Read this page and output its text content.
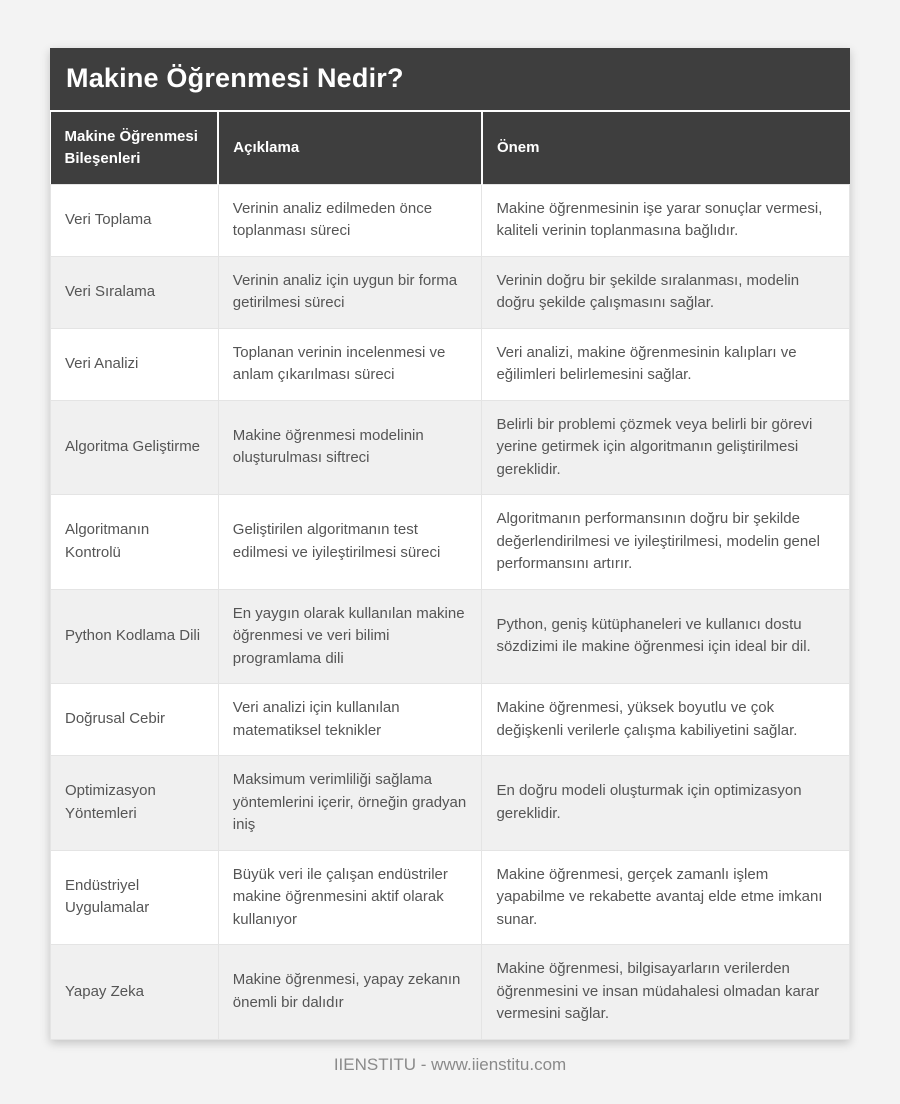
Makine Öğrenmesi Nedir?
Makine Öğrenmesi Bileşenleri	Açıklama	Önem
Veri Toplama	Verinin analiz edilmeden önce toplanması süreci	Makine öğrenmesinin işe yarar sonuçlar vermesi, kaliteli verinin toplanmasına bağlıdır.
Veri Sıralama	Verinin analiz için uygun bir forma getirilmesi süreci	Verinin doğru bir şekilde sıralanması, modelin doğru şekilde çalışmasını sağlar.
Veri Analizi	Toplanan verinin incelenmesi ve anlam çıkarılması süreci	Veri analizi, makine öğrenmesinin kalıpları ve eğilimleri belirlemesini sağlar.
Algoritma Geliştirme	Makine öğrenmesi modelinin oluşturulması siftreci	Belirli bir problemi çözmek veya belirli bir görevi yerine getirmek için algoritmanın geliştirilmesi gereklidir.
Algoritmanın Kontrolü	Geliştirilen algoritmanın test edilmesi ve iyileştirilmesi süreci	Algoritmanın performansının doğru bir şekilde değerlendirilmesi ve iyileştirilmesi, modelin genel performansını artırır.
Python Kodlama Dili	En yaygın olarak kullanılan makine öğrenmesi ve veri bilimi programlama dili	Python, geniş kütüphaneleri ve kullanıcı dostu sözdizimi ile makine öğrenmesi için ideal bir dil.
Doğrusal Cebir	Veri analizi için kullanılan matematiksel teknikler	Makine öğrenmesi, yüksek boyutlu ve çok değişkenli verilerle çalışma kabiliyetini sağlar.
Optimizasyon Yöntemleri	Maksimum verimliliği sağlama yöntemlerini içerir, örneğin gradyan iniş	En doğru modeli oluşturmak için optimizasyon gereklidir.
Endüstriyel Uygulamalar	Büyük veri ile çalışan endüstriler makine öğrenmesini aktif olarak kullanıyor	Makine öğrenmesi, gerçek zamanlı işlem yapabilme ve rekabette avantaj elde etme imkanı sunar.
Yapay Zeka	Makine öğrenmesi, yapay zekanın önemli bir dalıdır	Makine öğrenmesi, bilgisayarların verilerden öğrenmesini ve insan müdahalesi olmadan karar vermesini sağlar.
IIENSTITU - www.iienstitu.com
